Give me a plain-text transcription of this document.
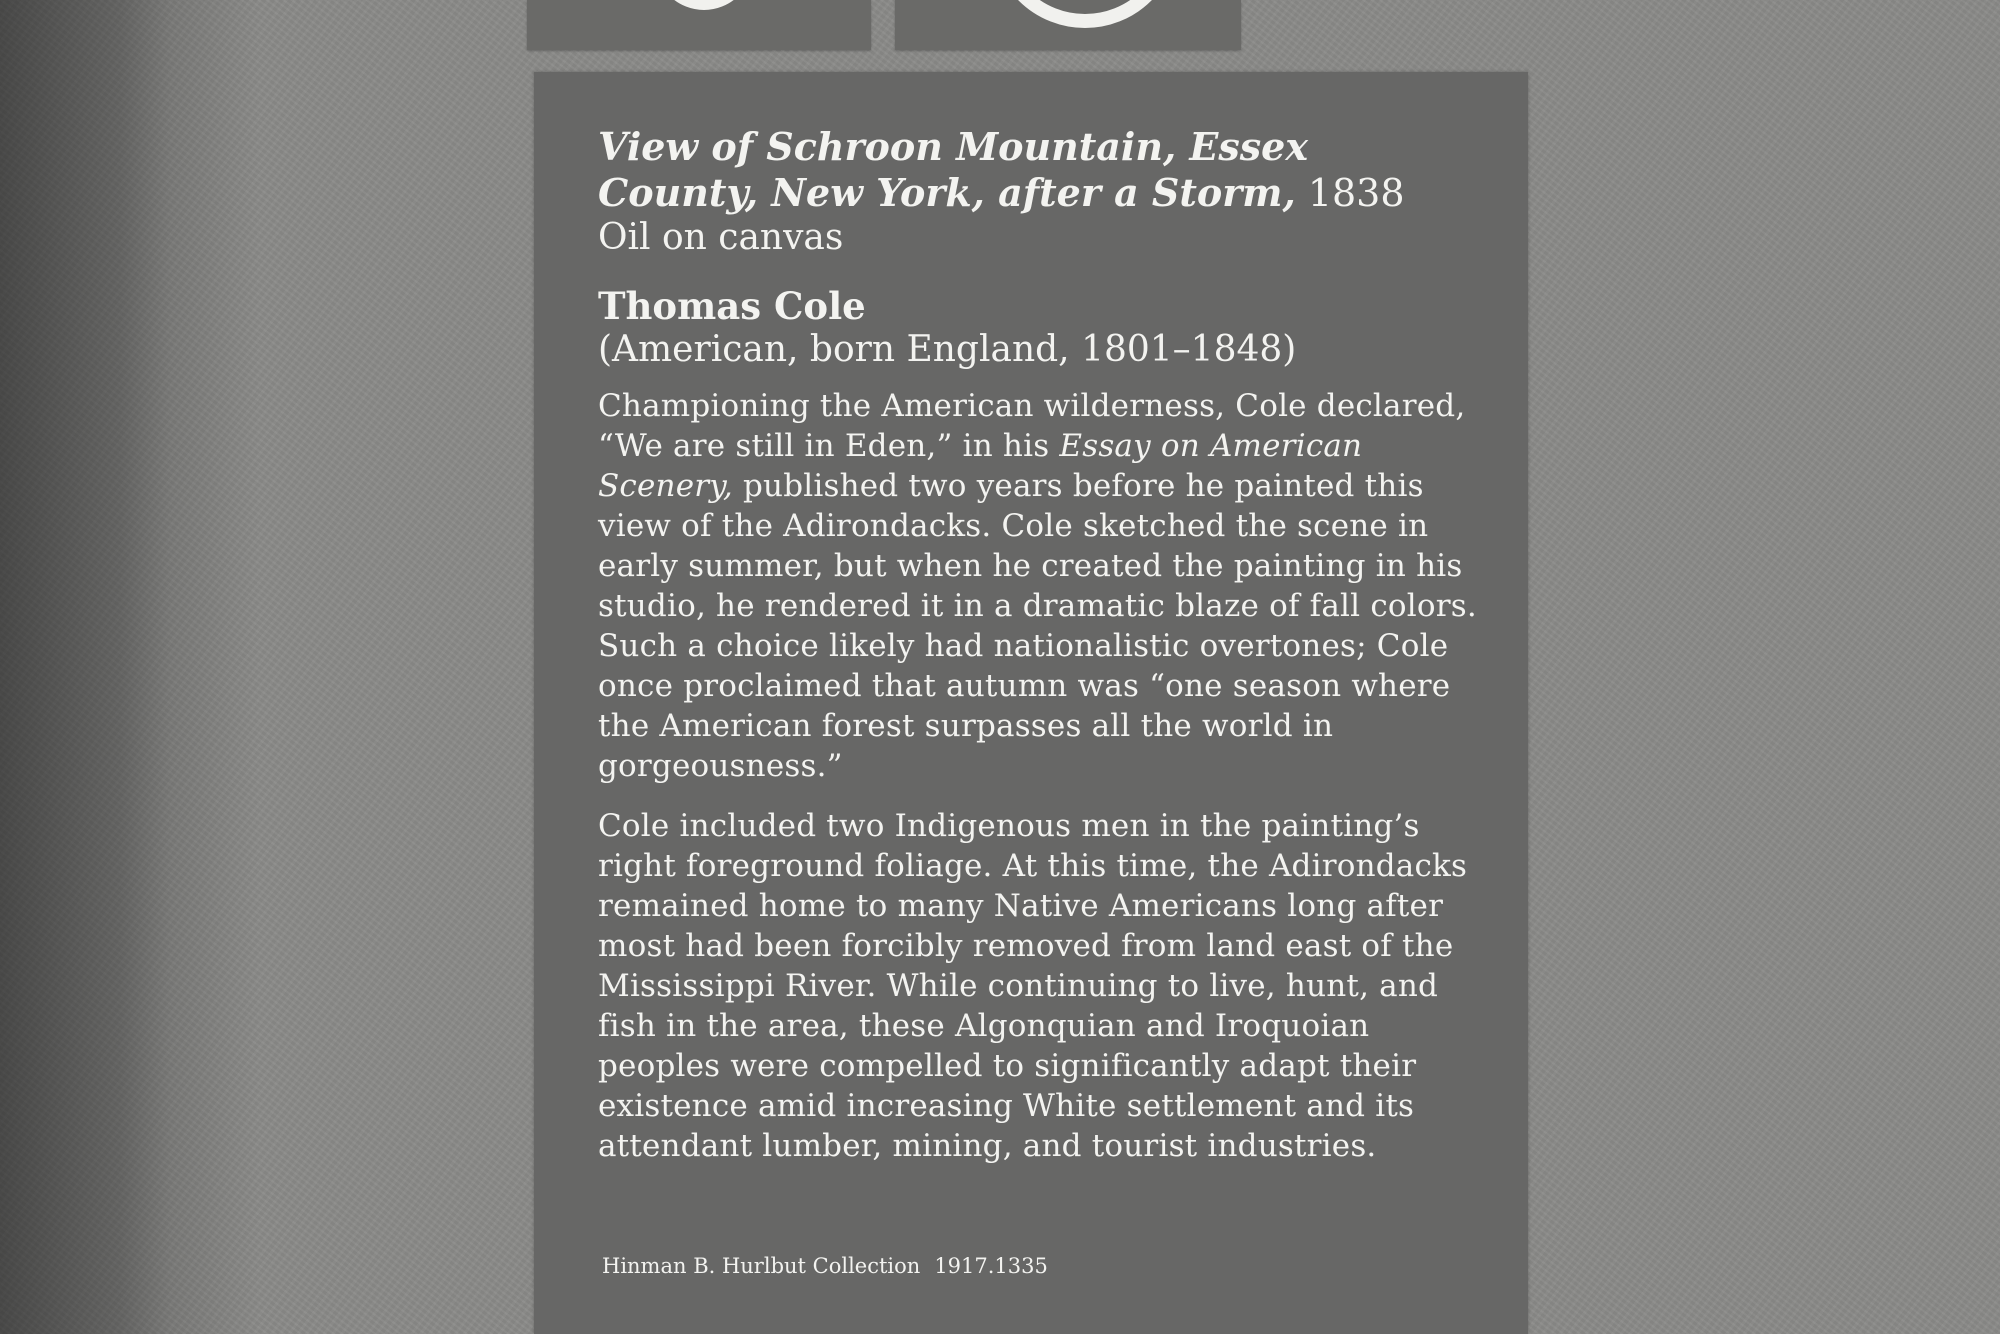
View of Schroon Mountain, Essex County, New York, after a Storm, 1838

Oil on canvas

Thomas Cole

(American, born England, 1801–1848)

Championing the American wilderness, Cole declared, “We are still in Eden,” in his Essay on American Scenery, published two years before he painted this view of the Adirondacks. Cole sketched the scene in early summer, but when he created the painting in his studio, he rendered it in a dramatic blaze of fall colors. Such a choice likely had nationalistic overtones; Cole once proclaimed that autumn was “one season where the American forest surpasses all the world in gorgeousness.”

Cole included two Indigenous men in the painting’s right foreground foliage. At this time, the Adirondacks remained home to many Native Americans long after most had been forcibly removed from land east of the Mississippi River. While continuing to live, hunt, and fish in the area, these Algonquian and Iroquoian peoples were compelled to significantly adapt their existence amid increasing White settlement and its attendant lumber, mining, and tourist industries.

Hinman B. Hurlbut Collection 1917.1335
